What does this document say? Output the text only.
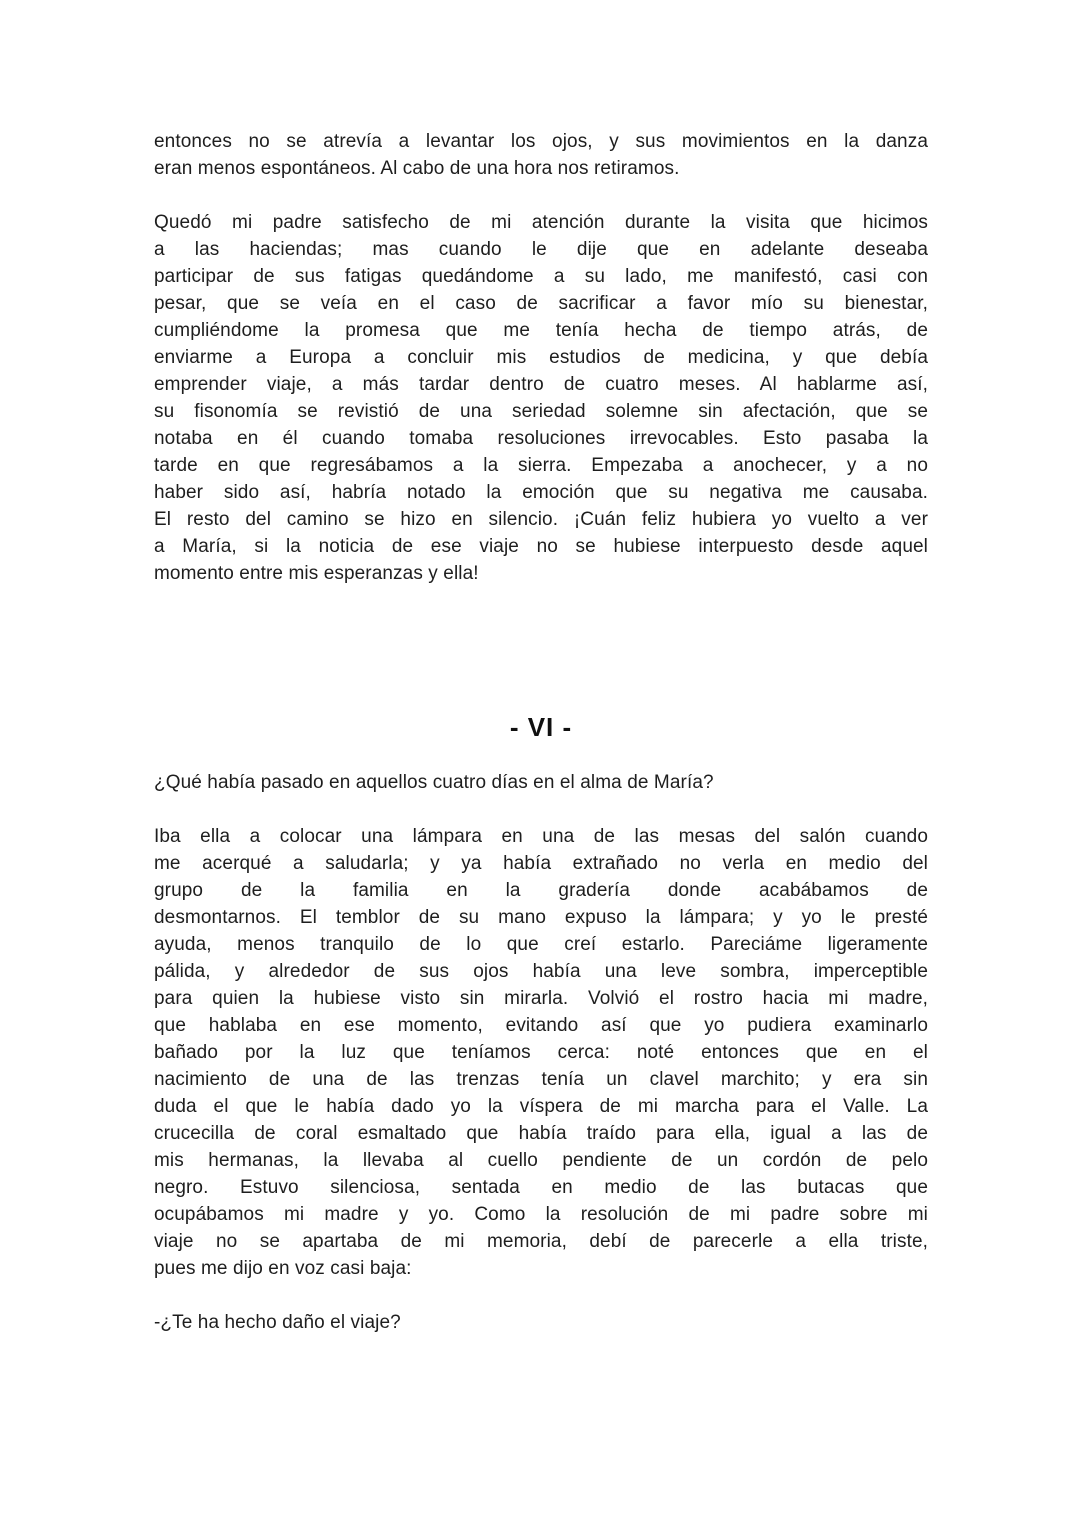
entonces no se atrevía a levantar los ojos, y sus movimientos en la danza
eran menos espontáneos. Al cabo de una hora nos retiramos.
Quedó mi padre satisfecho de mi atención durante la visita que hicimos
a las haciendas; mas cuando le dije que en adelante deseaba
participar de sus fatigas quedándome a su lado, me manifestó, casi con
pesar, que se veía en el caso de sacrificar a favor mío su bienestar,
cumpliéndome la promesa que me tenía hecha de tiempo atrás, de
enviarme a Europa a concluir mis estudios de medicina, y que debía
emprender viaje, a más tardar dentro de cuatro meses. Al hablarme así,
su fisonomía se revistió de una seriedad solemne sin afectación, que se
notaba en él cuando tomaba resoluciones irrevocables. Esto pasaba la
tarde en que regresábamos a la sierra. Empezaba a anochecer, y a no
haber sido así, habría notado la emoción que su negativa me causaba.
El resto del camino se hizo en silencio. ¡Cuán feliz hubiera yo vuelto a ver
a María, si la noticia de ese viaje no se hubiese interpuesto desde aquel
momento entre mis esperanzas y ella!
- VI -
¿Qué había pasado en aquellos cuatro días en el alma de María?
Iba ella a colocar una lámpara en una de las mesas del salón cuando
me acerqué a saludarla; y ya había extrañado no verla en medio del
grupo de la familia en la gradería donde acabábamos de
desmontarnos. El temblor de su mano expuso la lámpara; y yo le presté
ayuda, menos tranquilo de lo que creí estarlo. Pareciáme ligeramente
pálida, y alrededor de sus ojos había una leve sombra, imperceptible
para quien la hubiese visto sin mirarla. Volvió el rostro hacia mi madre,
que hablaba en ese momento, evitando así que yo pudiera examinarlo
bañado por la luz que teníamos cerca: noté entonces que en el
nacimiento de una de las trenzas tenía un clavel marchito; y era sin
duda el que le había dado yo la víspera de mi marcha para el Valle. La
crucecilla de coral esmaltado que había traído para ella, igual a las de
mis hermanas, la llevaba al cuello pendiente de un cordón de pelo
negro. Estuvo silenciosa, sentada en medio de las butacas que
ocupábamos mi madre y yo. Como la resolución de mi padre sobre mi
viaje no se apartaba de mi memoria, debí de parecerle a ella triste,
pues me dijo en voz casi baja:
-¿Te ha hecho daño el viaje?
